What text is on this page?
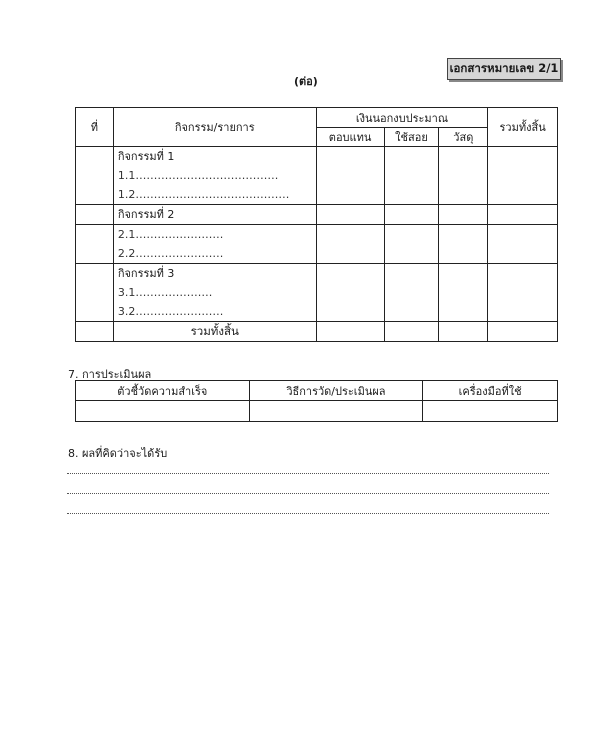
เอกสารหมายเลข 2/1
(ต่อ)
ที่	กิจกรรม/รายการ	เงินนอกงบประมาณ			รวมทั้งสิ้น
		ตอบแทน	ใช้สอย	วัสดุ	

	กิจกรรมที่ 1
1.1…………………………………
1.2……………………………………				

	กิจกรรมที่ 2				

	2.1……………………
2.2……………………				

	กิจกรรมที่ 3
3.1…………………
3.2……………………				

	รวมทั้งสิ้น				
7. การประเมินผล
ตัวชี้วัดความสำเร็จ	วิธีการวัด/ประเมินผล	เครื่องมือที่ใช้

8. ผลที่คิดว่าจะได้รับ
